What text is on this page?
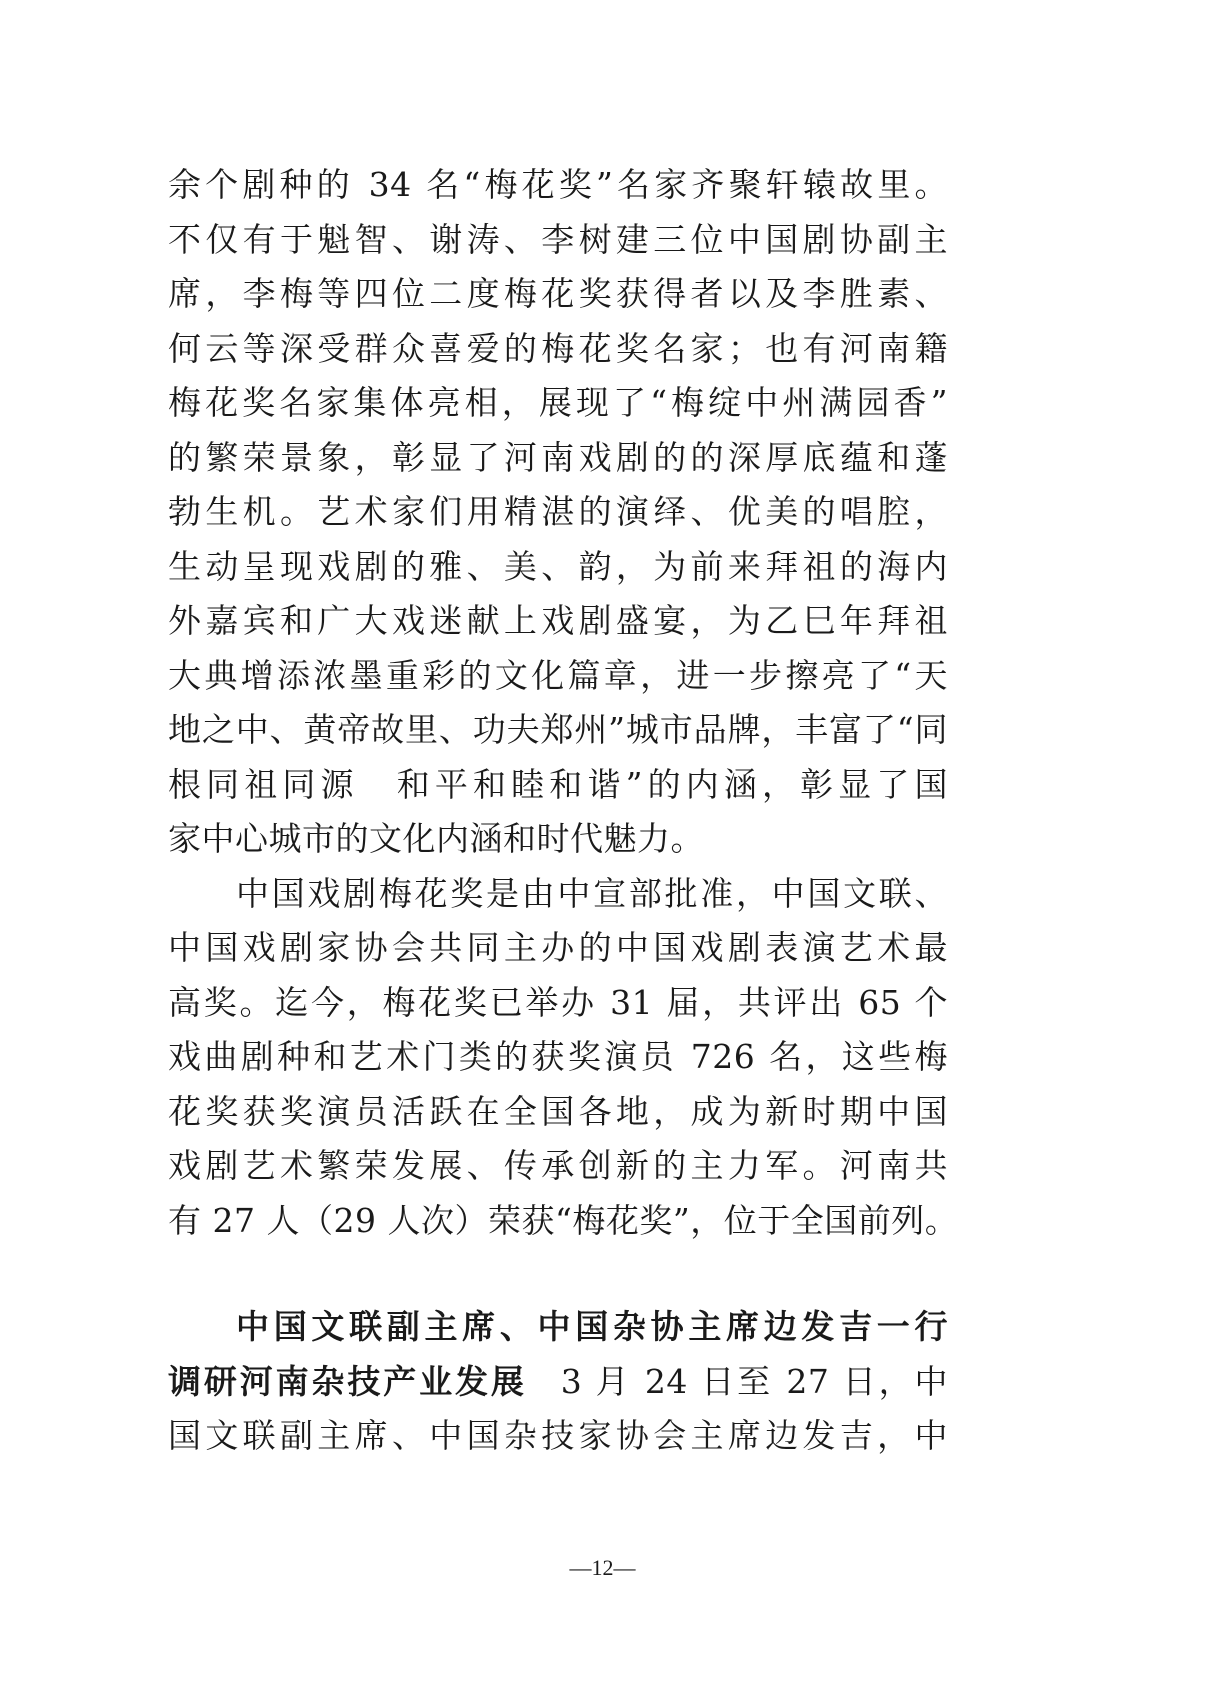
余个剧种的 34 名“梅花奖”名家齐聚轩辕故里。
不仅有于魁智、谢涛、李树建三位中国剧协副主
席，李梅等四位二度梅花奖获得者以及李胜素、
何云等深受群众喜爱的梅花奖名家；也有河南籍
梅花奖名家集体亮相，展现了“梅绽中州满园香”
的繁荣景象，彰显了河南戏剧的的深厚底蕴和蓬
勃生机。艺术家们用精湛的演绎、优美的唱腔，
生动呈现戏剧的雅、美、韵，为前来拜祖的海内
外嘉宾和广大戏迷献上戏剧盛宴，为乙巳年拜祖
大典增添浓墨重彩的文化篇章，进一步擦亮了“天
地之中、黄帝故里、功夫郑州”城市品牌，丰富了“同
根同祖同源　和平和睦和谐”的内涵，彰显了国
家中心城市的文化内涵和时代魅力。
中国戏剧梅花奖是由中宣部批准，中国文联、
中国戏剧家协会共同主办的中国戏剧表演艺术最
高奖。迄今，梅花奖已举办 31 届，共评出 65 个
戏曲剧种和艺术门类的获奖演员 726 名，这些梅
花奖获奖演员活跃在全国各地，成为新时期中国
戏剧艺术繁荣发展、传承创新的主力军。河南共
有 27 人（29 人次）荣获“梅花奖”，位于全国前列。
中国文联副主席、中国杂协主席边发吉一行
调研河南杂技产业发展 3 月 24 日至 27 日，中
国文联副主席、中国杂技家协会主席边发吉，中
—12—
